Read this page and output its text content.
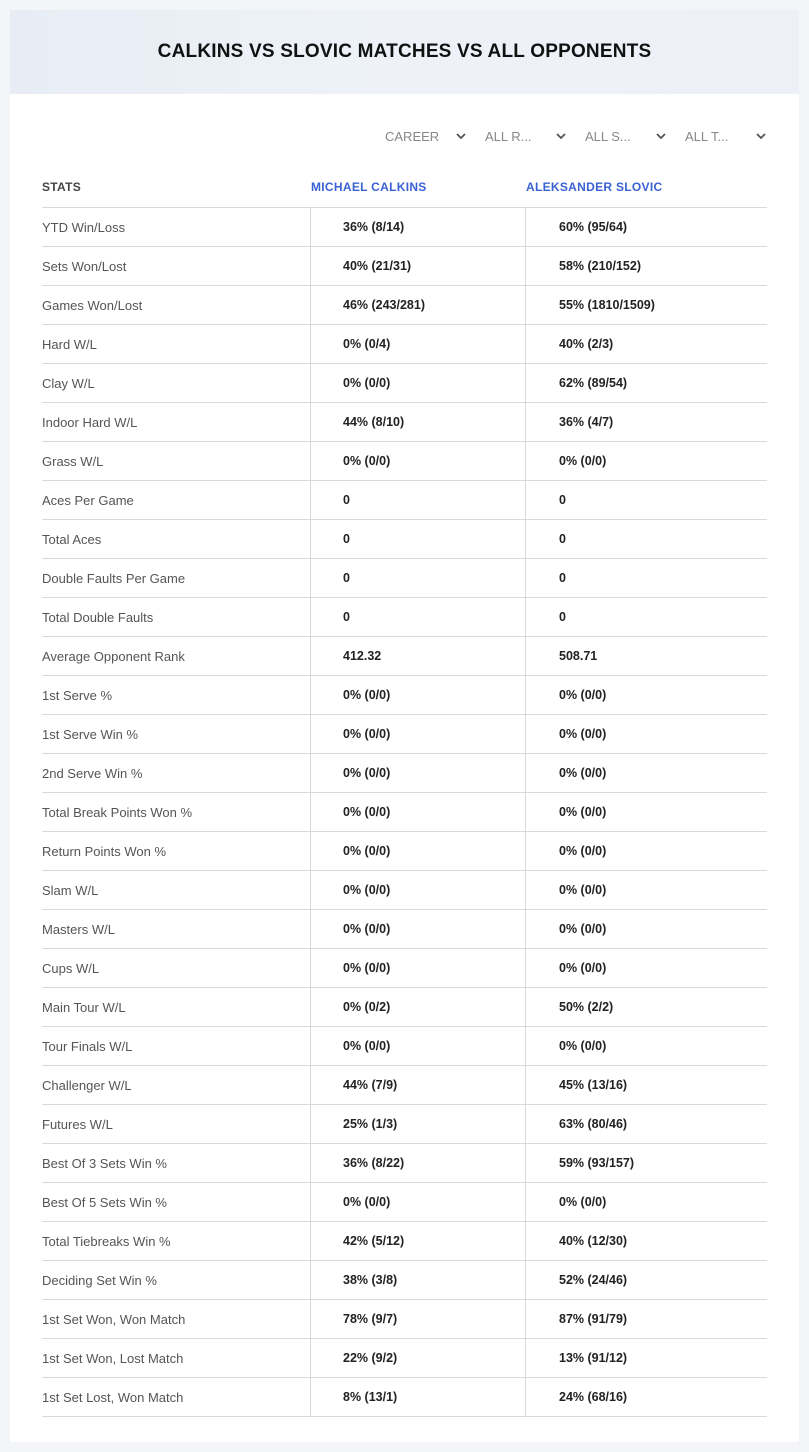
CALKINS VS SLOVIC MATCHES VS ALL OPPONENTS
CAREER	ALL R...	ALL S...	ALL T...
STATS	MICHAEL CALKINS	ALEKSANDER SLOVIC
YTD Win/Loss	36% (8/14)	60% (95/64)
Sets Won/Lost	40% (21/31)	58% (210/152)
Games Won/Lost	46% (243/281)	55% (1810/1509)
Hard W/L	0% (0/4)	40% (2/3)
Clay W/L	0% (0/0)	62% (89/54)
Indoor Hard W/L	44% (8/10)	36% (4/7)
Grass W/L	0% (0/0)	0% (0/0)
Aces Per Game	0	0
Total Aces	0	0
Double Faults Per Game	0	0
Total Double Faults	0	0
Average Opponent Rank	412.32	508.71
1st Serve %	0% (0/0)	0% (0/0)
1st Serve Win %	0% (0/0)	0% (0/0)
2nd Serve Win %	0% (0/0)	0% (0/0)
Total Break Points Won %	0% (0/0)	0% (0/0)
Return Points Won %	0% (0/0)	0% (0/0)
Slam W/L	0% (0/0)	0% (0/0)
Masters W/L	0% (0/0)	0% (0/0)
Cups W/L	0% (0/0)	0% (0/0)
Main Tour W/L	0% (0/2)	50% (2/2)
Tour Finals W/L	0% (0/0)	0% (0/0)
Challenger W/L	44% (7/9)	45% (13/16)
Futures W/L	25% (1/3)	63% (80/46)
Best Of 3 Sets Win %	36% (8/22)	59% (93/157)
Best Of 5 Sets Win %	0% (0/0)	0% (0/0)
Total Tiebreaks Win %	42% (5/12)	40% (12/30)
Deciding Set Win %	38% (3/8)	52% (24/46)
1st Set Won, Won Match	78% (9/7)	87% (91/79)
1st Set Won, Lost Match	22% (9/2)	13% (91/12)
1st Set Lost, Won Match	8% (13/1)	24% (68/16)
